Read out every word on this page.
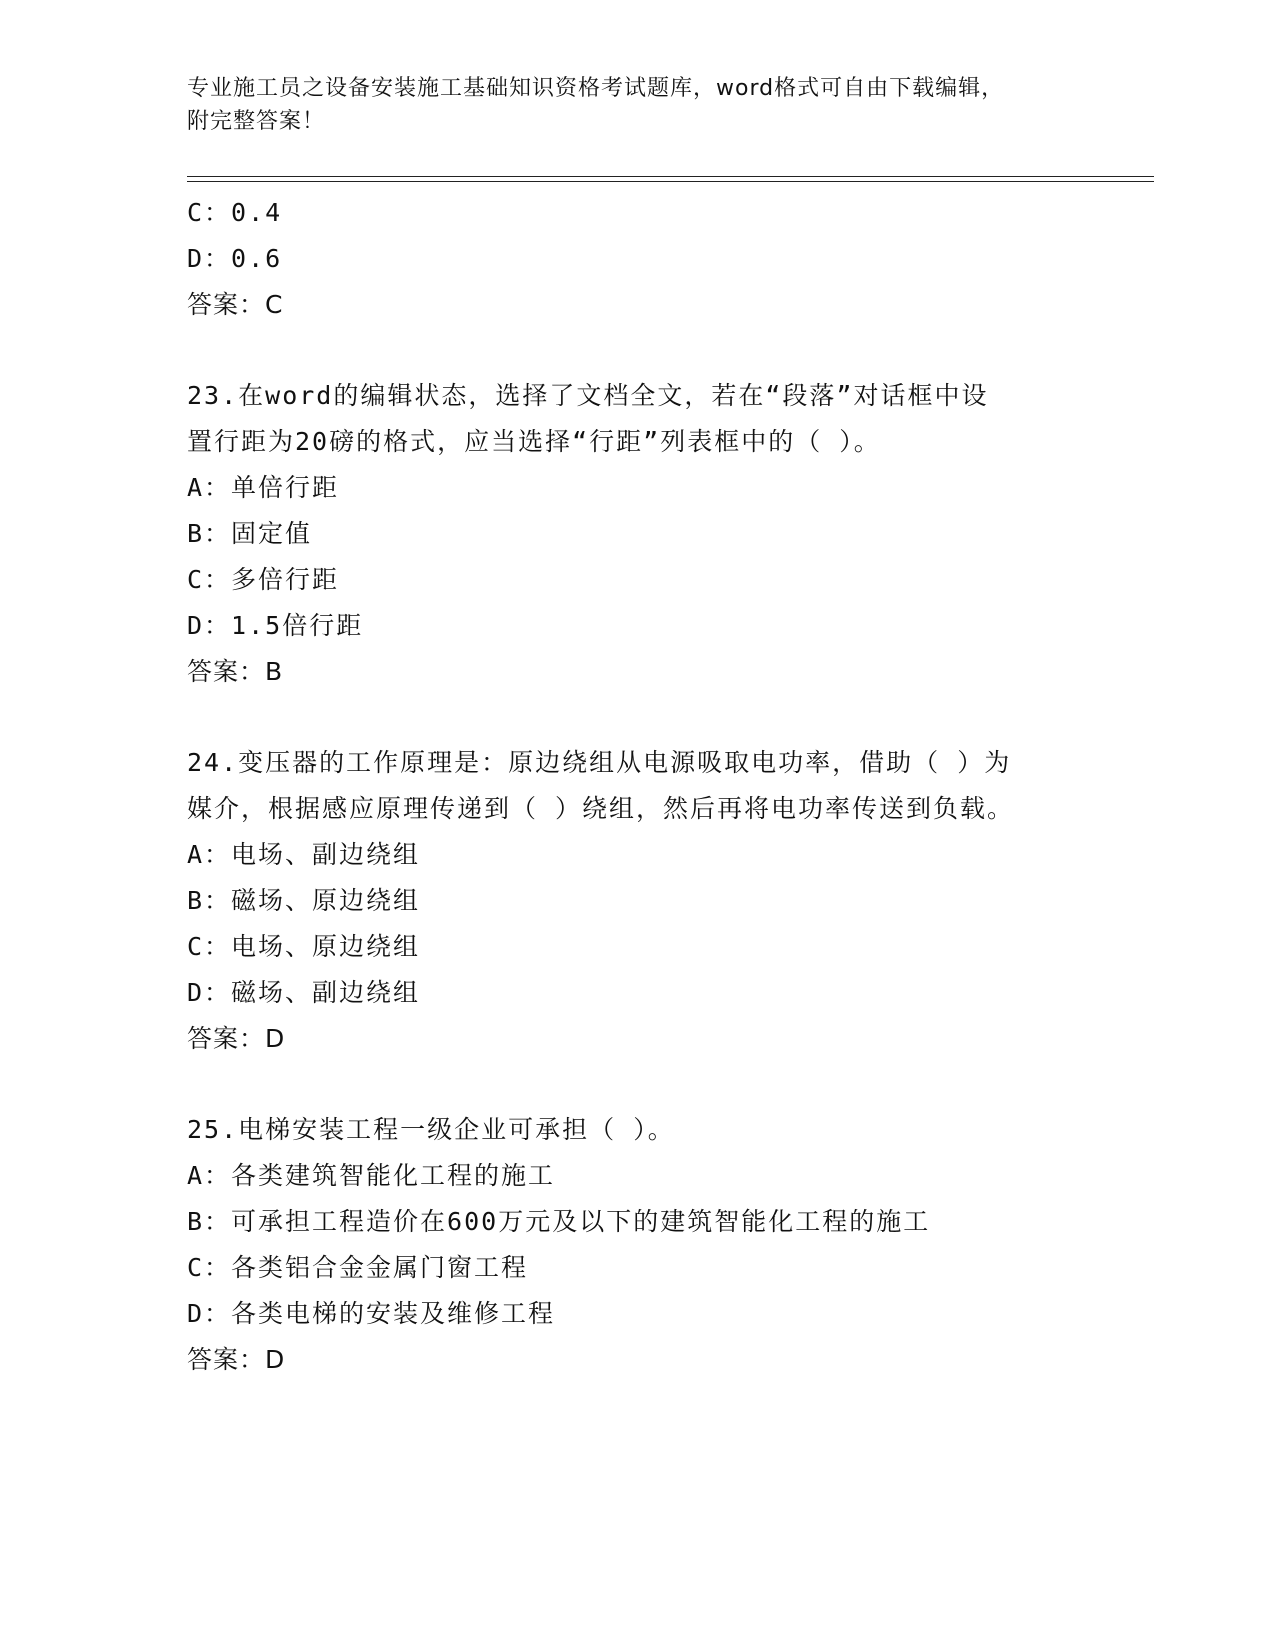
专业施工员之设备安装施工基础知识资格考试题库，word格式可自由下载编辑，
附完整答案！
C：0.4
D：0.6
答案：C
23.在word的编辑状态，选择了文档全文，若在“段落”对话框中设
置行距为20磅的格式，应当选择“行距”列表框中的（ ）。
A：单倍行距
B：固定值
C：多倍行距
D：1.5倍行距
答案：B
24.变压器的工作原理是：原边绕组从电源吸取电功率，借助（ ）为
媒介，根据感应原理传递到（ ）绕组，然后再将电功率传送到负载。
A：电场、副边绕组
B：磁场、原边绕组
C：电场、原边绕组
D：磁场、副边绕组
答案：D
25.电梯安装工程一级企业可承担（ ）。
A：各类建筑智能化工程的施工
B：可承担工程造价在600万元及以下的建筑智能化工程的施工
C：各类铝合金金属门窗工程
D：各类电梯的安装及维修工程
答案：D
